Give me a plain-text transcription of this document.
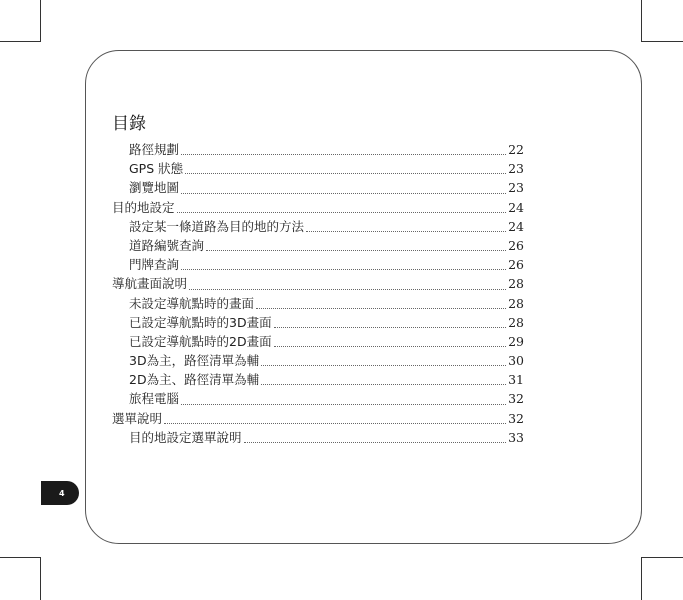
目錄
路徑規劃	22
GPS 狀態	23
瀏覽地圖	23
目的地設定	24
設定某一條道路為目的地的方法	24
道路編號查詢	26
門牌查詢	26
導航畫面說明	28
未設定導航點時的畫面	28
已設定導航點時的3D畫面	28
已設定導航點時的2D畫面	29
3D為主，路徑清單為輔	30
2D為主、路徑清單為輔	31
旅程電腦	32
選單說明	32
目的地設定選單說明	33
4
